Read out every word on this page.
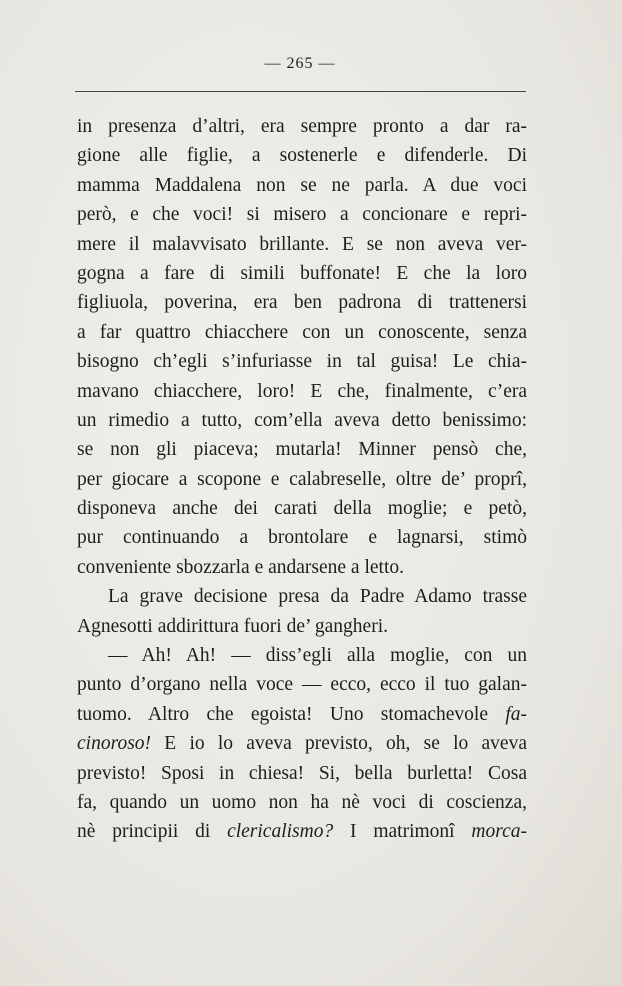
— 265 —
in presenza d’altri, era sempre pronto a dar ra-
gione alle figlie, a sostenerle e difenderle. Di
mamma Maddalena non se ne parla. A due voci
però, e che voci! si misero a concionare e repri-
mere il malavvisato brillante. E se non aveva ver-
gogna a fare di simili buffonate! E che la loro
figliuola, poverina, era ben padrona di trattenersi
a far quattro chiacchere con un conoscente, senza
bisogno ch’egli s’infuriasse in tal guisa! Le chia-
mavano chiacchere, loro! E che, finalmente, c’era
un rimedio a tutto, com’ella aveva detto benissimo:
se non gli piaceva; mutarla! Minner pensò che,
per giocare a scopone e calabreselle, oltre de’ proprî,
disponeva anche dei carati della moglie; e petò,
pur continuando a brontolare e lagnarsi, stimò
conveniente sbozzarla e andarsene a letto.
La grave decisione presa da Padre Adamo trasse
Agnesotti addirittura fuori de’ gangheri.
— Ah! Ah! — diss’egli alla moglie, con un
punto d’organo nella voce — ecco, ecco il tuo galan-
tuomo. Altro che egoista! Uno stomachevole fa-
cinoroso! E io lo aveva previsto, oh, se lo aveva
previsto! Sposi in chiesa! Si, bella burletta! Cosa
fa, quando un uomo non ha nè voci di coscienza,
nè principii di clericalismo? I matrimonî morca-
